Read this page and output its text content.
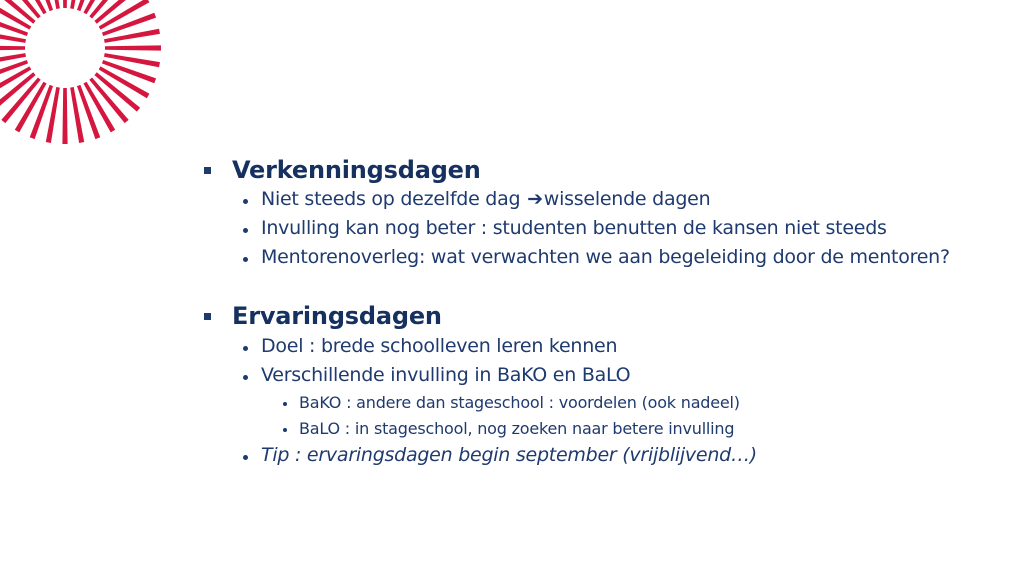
Verkenningsdagen
Niet steeds op dezelfde dag ➔wisselende dagen
Invulling kan nog beter : studenten benutten de kansen niet steeds
Mentorenoverleg: wat verwachten we aan begeleiding door de mentoren?
Ervaringsdagen
Doel : brede schoolleven leren kennen
Verschillende invulling in BaKO en BaLO
BaKO : andere dan stageschool : voordelen (ook nadeel)
BaLO : in stageschool, nog zoeken naar betere invulling
Tip : ervaringsdagen begin september (vrijblijvend…)
